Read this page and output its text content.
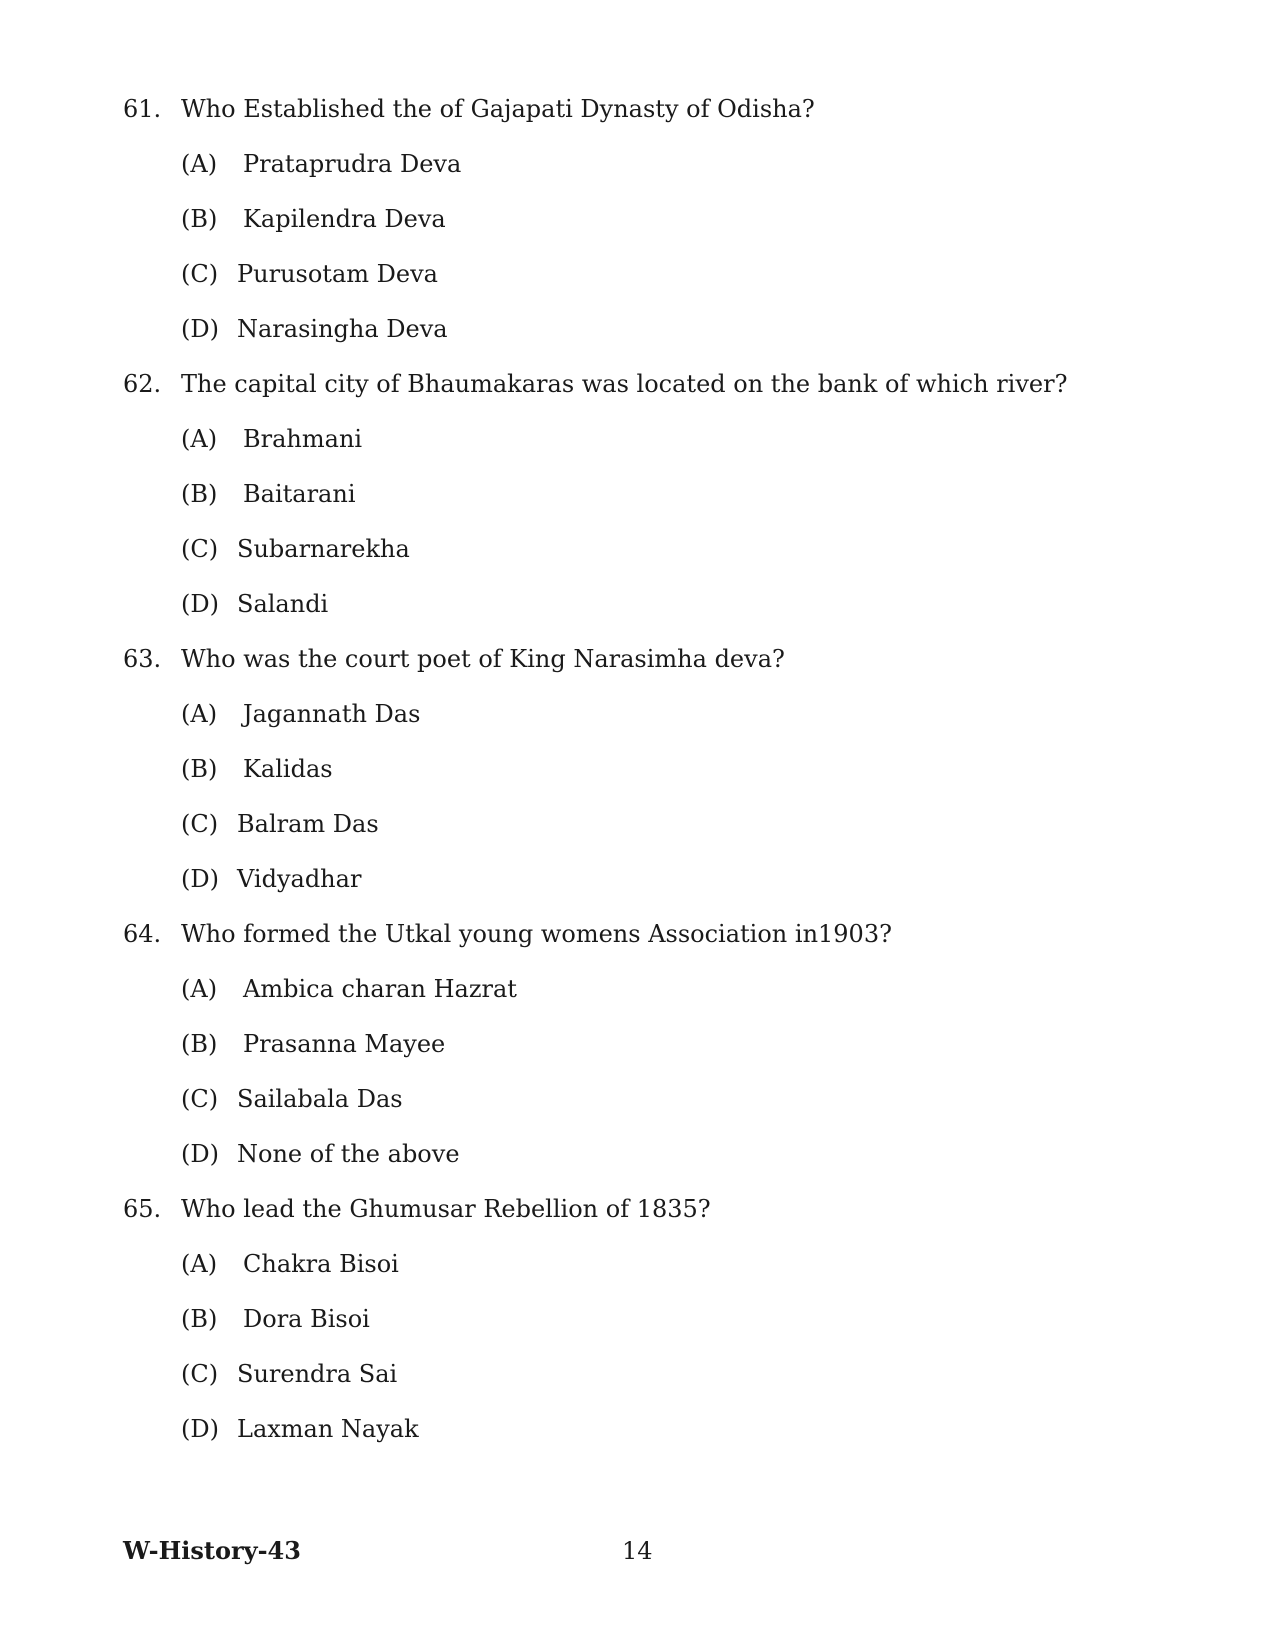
61. Who Established the of Gajapati Dynasty of Odisha?
(A)	Prataprudra Deva
(B)	Kapilendra Deva
(C) Purusotam Deva
(D) Narasingha Deva
62. The capital city of Bhaumakaras was located on the bank of which river?
(A)	Brahmani
(B)	Baitarani
(C) Subarnarekha
(D) Salandi
63. Who was the court poet of King Narasimha deva?
(A)	Jagannath Das
(B)	Kalidas
(C) Balram Das
(D) Vidyadhar
64. Who formed the Utkal young womens Association in1903?
(A)	Ambica charan Hazrat
(B)	Prasanna Mayee
(C) Sailabala Das
(D) None of the above
65. Who lead the Ghumusar Rebellion of 1835?
(A)	Chakra Bisoi
(B)	Dora Bisoi
(C) Surendra Sai
(D) Laxman Nayak
W-History-43	14
